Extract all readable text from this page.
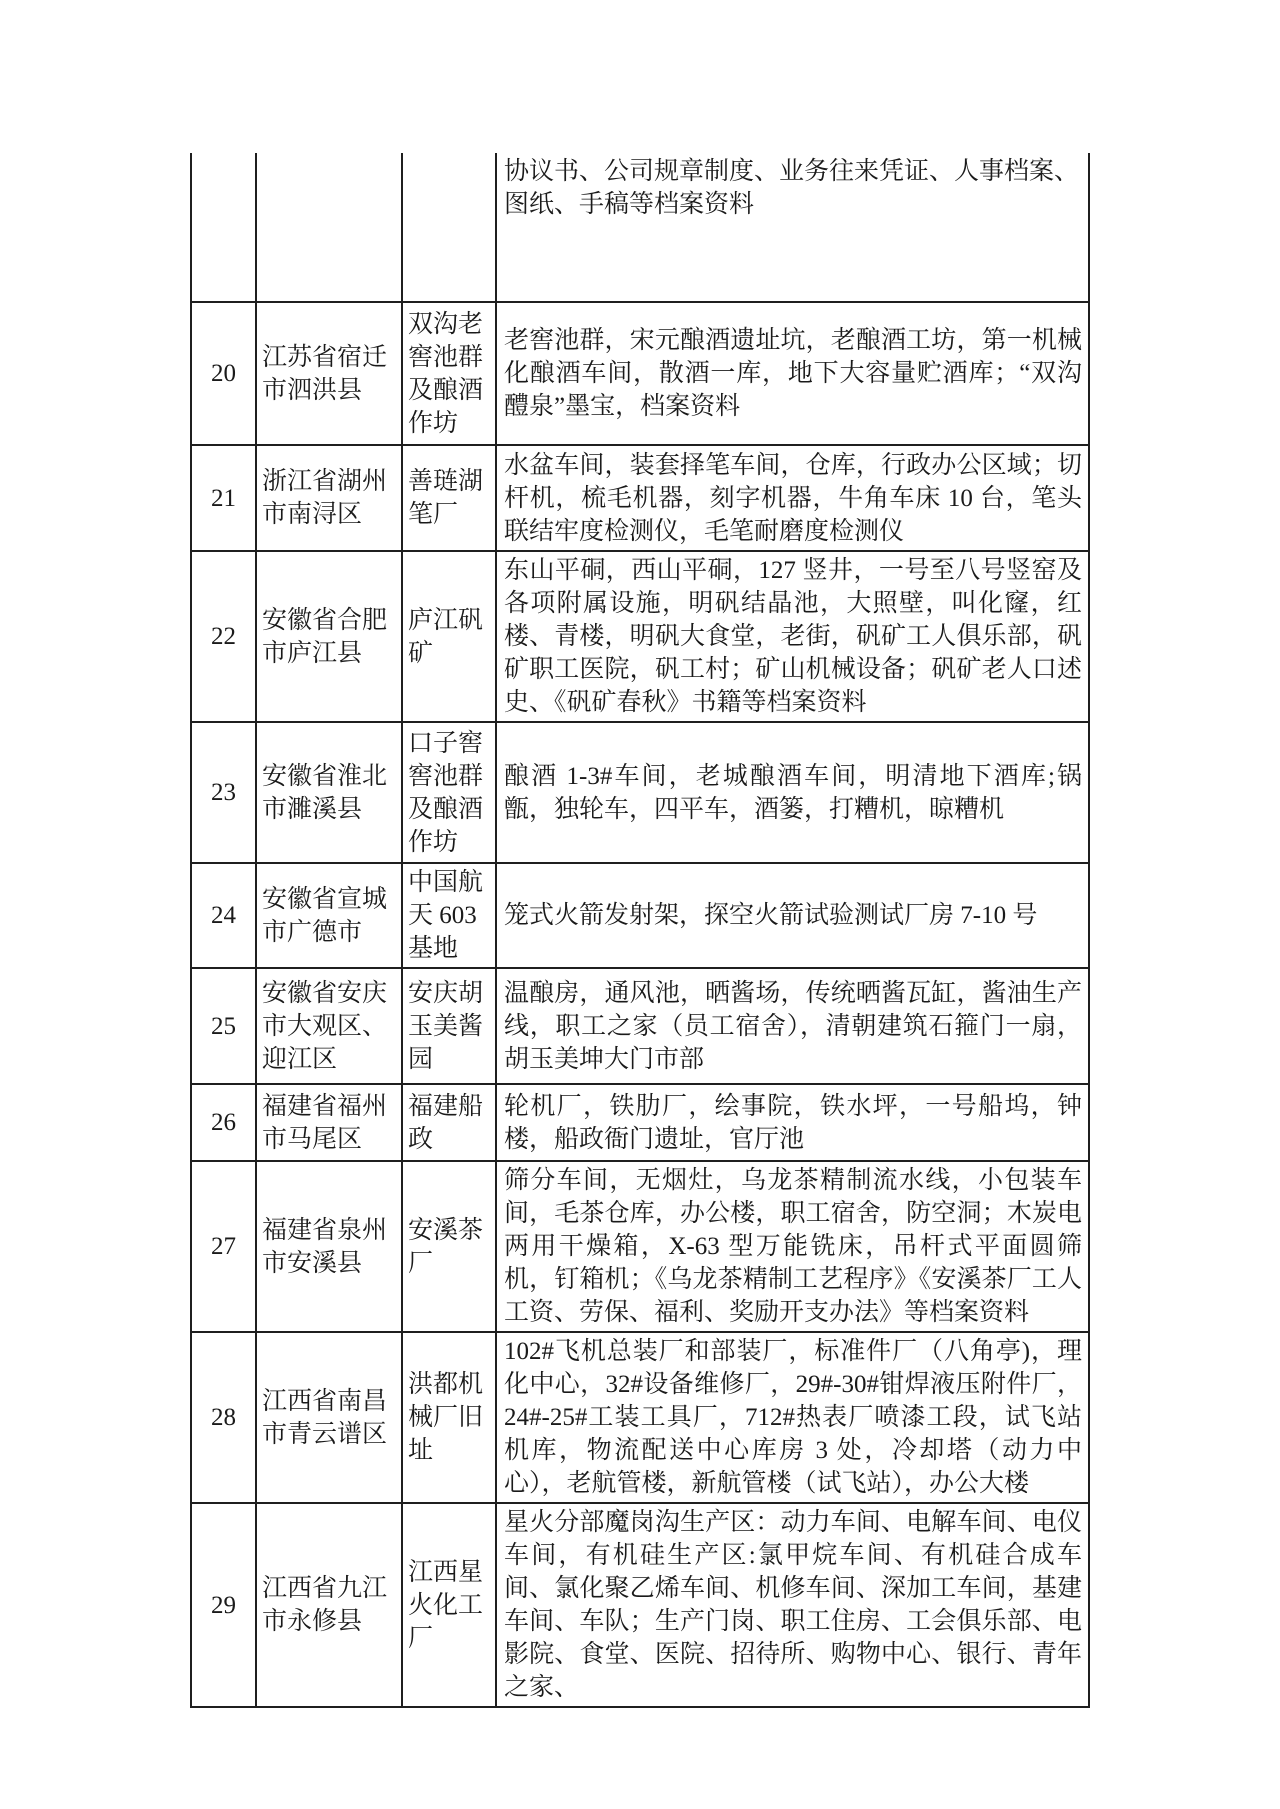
			协议书、公司规章制度、业务往来凭证、人事档案、图纸、手稿等档案资料
20	江苏省宿迁市泗洪县	双沟老窖池群及酿酒作坊	老窖池群，宋元酿酒遗址坑，老酿酒工坊，第一机械化酿酒车间，散酒一库，地下大容量贮酒库；“双沟醴泉”墨宝，档案资料
21	浙江省湖州市南浔区	善琏湖笔厂	水盆车间，装套择笔车间，仓库，行政办公区域；切杆机，梳毛机器，刻字机器，牛角车床 10 台，笔头联结牢度检测仪，毛笔耐磨度检测仪
22	安徽省合肥市庐江县	庐江矾矿	东山平硐，西山平硐，127 竖井，一号至八号竖窑及各项附属设施，明矾结晶池，大照壁，叫化窿，红楼、青楼，明矾大食堂，老街，矾矿工人俱乐部，矾矿职工医院，矾工村；矿山机械设备；矾矿老人口述史、《矾矿春秋》书籍等档案资料
23	安徽省淮北市濉溪县	口子窖窖池群及酿酒作坊	酿酒 1-3#车间，老城酿酒车间，明清地下酒库;锅甑，独轮车，四平车，酒篓，打糟机，晾糟机
24	安徽省宣城市广德市	中国航天 603 基地	笼式火箭发射架，探空火箭试验测试厂房 7-10 号
25	安徽省安庆市大观区、迎江区	安庆胡玉美酱园	温酿房，通风池，晒酱场，传统晒酱瓦缸，酱油生产线，职工之家（员工宿舍），清朝建筑石箍门一扇，胡玉美坤大门市部
26	福建省福州市马尾区	福建船政	轮机厂，铁肋厂，绘事院，铁水坪，一号船坞，钟楼，船政衙门遗址，官厅池
27	福建省泉州市安溪县	安溪茶厂	筛分车间，无烟灶，乌龙茶精制流水线，小包装车间，毛茶仓库，办公楼，职工宿舍，防空洞；木炭电两用干燥箱，X-63 型万能铣床，吊杆式平面圆筛机，钉箱机；《乌龙茶精制工艺程序》《安溪茶厂工人工资、劳保、福利、奖励开支办法》等档案资料
28	江西省南昌市青云谱区	洪都机械厂旧址	102#飞机总装厂和部装厂，标准件厂（八角亭)，理化中心，32#设备维修厂，29#-30#钳焊液压附件厂，24#-25#工装工具厂，712#热表厂喷漆工段，试飞站机库，物流配送中心库房 3 处，冷却塔（动力中心），老航管楼，新航管楼（试飞站），办公大楼
29	江西省九江市永修县	江西星火化工厂	星火分部魔岗沟生产区：动力车间、电解车间、电仪车间，有机硅生产区:氯甲烷车间、有机硅合成车间、氯化聚乙烯车间、机修车间、深加工车间，基建车间、车队；生产门岗、职工住房、工会俱乐部、电影院、食堂、医院、招待所、购物中心、银行、青年之家、
